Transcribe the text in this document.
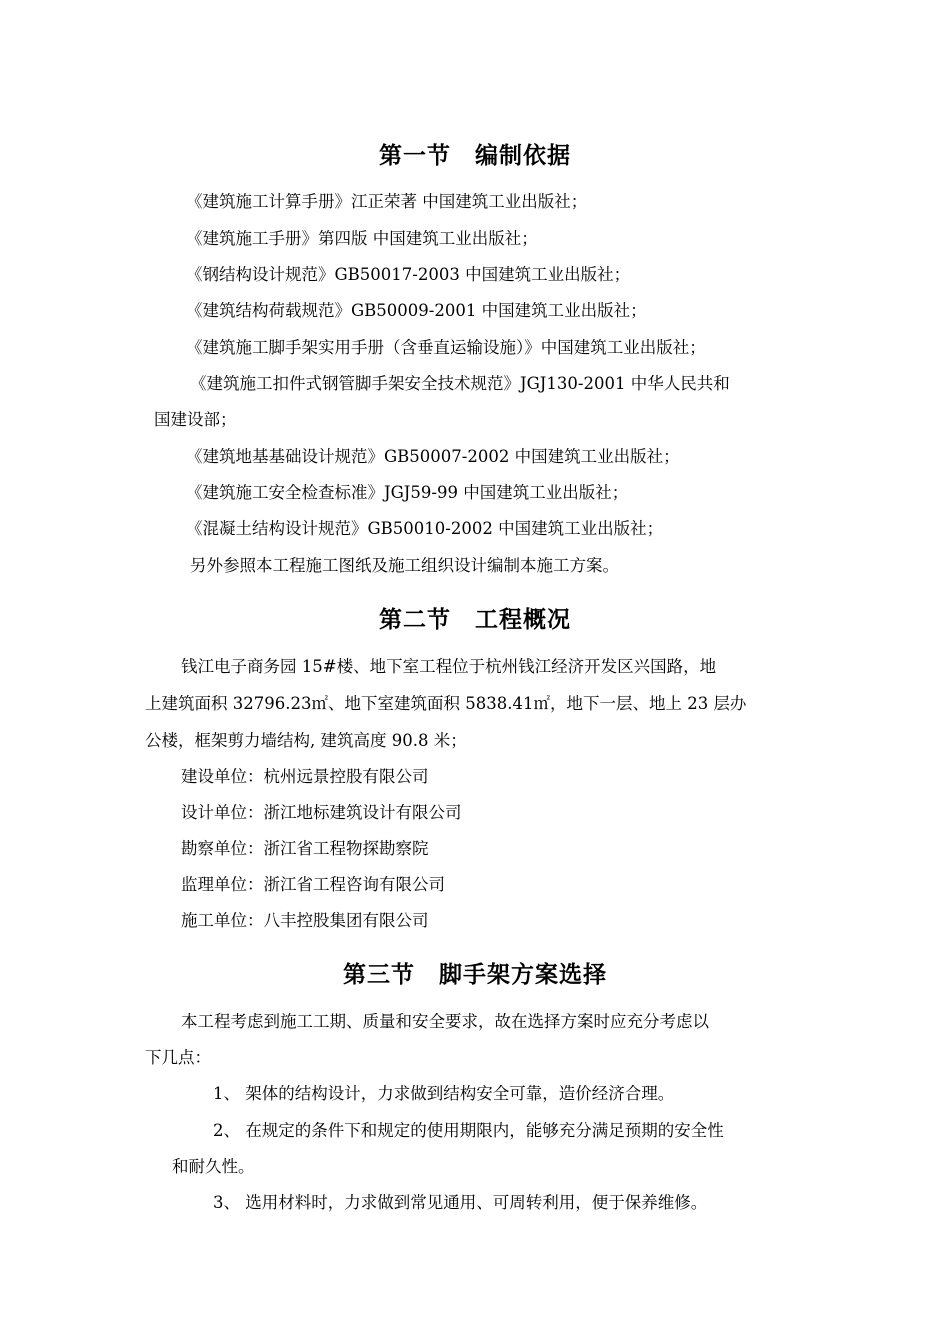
第一节　编制依据
《建筑施工计算手册》江正荣著 中国建筑工业出版社；
《建筑施工手册》第四版 中国建筑工业出版社；
《钢结构设计规范》GB50017-2003 中国建筑工业出版社；
《建筑结构荷载规范》GB50009-2001 中国建筑工业出版社；
《建筑施工脚手架实用手册（含垂直运输设施）》中国建筑工业出版社；
《建筑施工扣件式钢管脚手架安全技术规范》JGJ130-2001 中华人民共和
国建设部；
《建筑地基基础设计规范》GB50007-2002 中国建筑工业出版社；
《建筑施工安全检查标准》JGJ59-99 中国建筑工业出版社；
《混凝土结构设计规范》GB50010-2002 中国建筑工业出版社；
另外参照本工程施工图纸及施工组织设计编制本施工方案。
第二节　工程概况
钱江电子商务园 15#楼、地下室工程位于杭州钱江经济开发区兴国路，地
上建筑面积 32796.23㎡、地下室建筑面积 5838.41㎡，地下一层、地上 23 层办
公楼，框架剪力墙结构, 建筑高度 90.8 米；
建设单位：杭州远景控股有限公司
设计单位：浙江地标建筑设计有限公司
勘察单位：浙江省工程物探勘察院
监理单位：浙江省工程咨询有限公司
施工单位：八丰控股集团有限公司
第三节　脚手架方案选择
本工程考虑到施工工期、质量和安全要求，故在选择方案时应充分考虑以
下几点：
1、 架体的结构设计，力求做到结构安全可靠，造价经济合理。
2、 在规定的条件下和规定的使用期限内，能够充分满足预期的安全性
和耐久性。
3、 选用材料时，力求做到常见通用、可周转利用，便于保养维修。
